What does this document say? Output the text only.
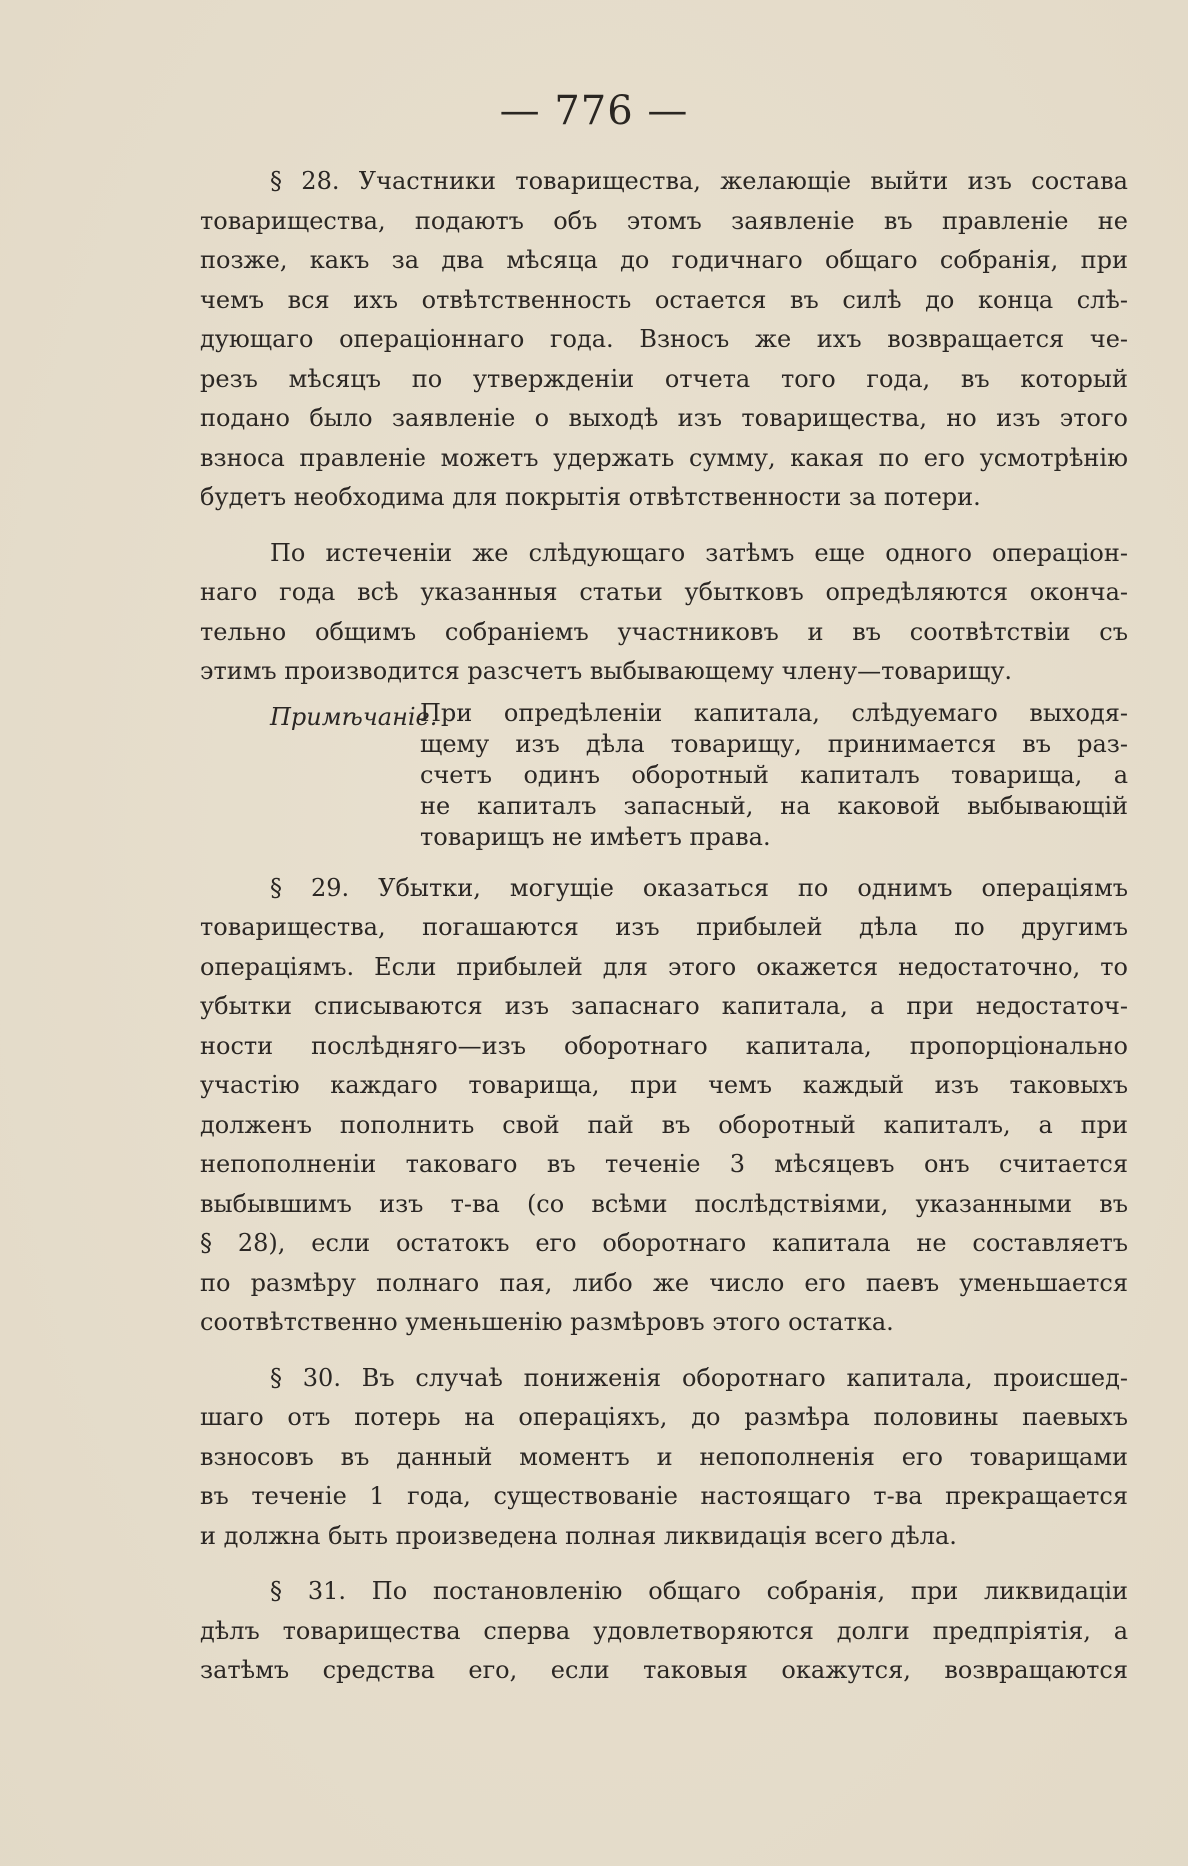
— 776 —
§ 28. Участники товарищества, желающіе выйти изъ состава
товарищества, подаютъ объ этомъ заявленіе въ правленіе не
позже, какъ за два мѣсяца до годичнаго общаго собранія, при
чемъ вся ихъ отвѣтственность остается въ силѣ до конца слѣ-
дующаго операціоннаго года. Взносъ же ихъ возвращается че-
резъ мѣсяцъ по утвержденіи отчета того года, въ который
подано было заявленіе о выходѣ изъ товарищества, но изъ этого
взноса правленіе можетъ удержать сумму, какая по его усмотрѣнію
будетъ необходима для покрытія отвѣтственности за потери.
По истеченіи же слѣдующаго затѣмъ еще одного операціон-
наго года всѣ указанныя статьи убытковъ опредѣляются оконча-
тельно общимъ собраніемъ участниковъ и въ соотвѣтствіи съ
этимъ производится разсчетъ выбывающему члену—товарищу.
Примѣчаніе.
При опредѣленіи капитала, слѣдуемаго выходя-
щему изъ дѣла товарищу, принимается въ раз-
счетъ одинъ оборотный капиталъ товарища, а
не капиталъ запасный, на каковой выбывающій
товарищъ не имѣетъ права.
§ 29. Убытки, могущіе оказаться по однимъ операціямъ
товарищества, погашаются изъ прибылей дѣла по другимъ
операціямъ. Если прибылей для этого окажется недостаточно, то
убытки списываются изъ запаснаго капитала, а при недостаточ-
ности послѣдняго—изъ оборотнаго капитала, пропорціонально
участію каждаго товарища, при чемъ каждый изъ таковыхъ
долженъ пополнить свой пай въ оборотный капиталъ, а при
непополненіи таковаго въ теченіе 3 мѣсяцевъ онъ считается
выбывшимъ изъ т-ва (со всѣми послѣдствіями, указанными въ
§ 28), если остатокъ его оборотнаго капитала не составляетъ
по размѣру полнаго пая, либо же число его паевъ уменьшается
соотвѣтственно уменьшенію размѣровъ этого остатка.
§ 30. Въ случаѣ пониженія оборотнаго капитала, происшед-
шаго отъ потерь на операціяхъ, до размѣра половины паевыхъ
взносовъ въ данный моментъ и непополненія его товарищами
въ теченіе 1 года, существованіе настоящаго т-ва прекращается
и должна быть произведена полная ликвидація всего дѣла.
§ 31. По постановленію общаго собранія, при ликвидаціи
дѣлъ товарищества сперва удовлетворяются долги предпріятія, а
затѣмъ средства его, если таковыя окажутся, возвращаются
